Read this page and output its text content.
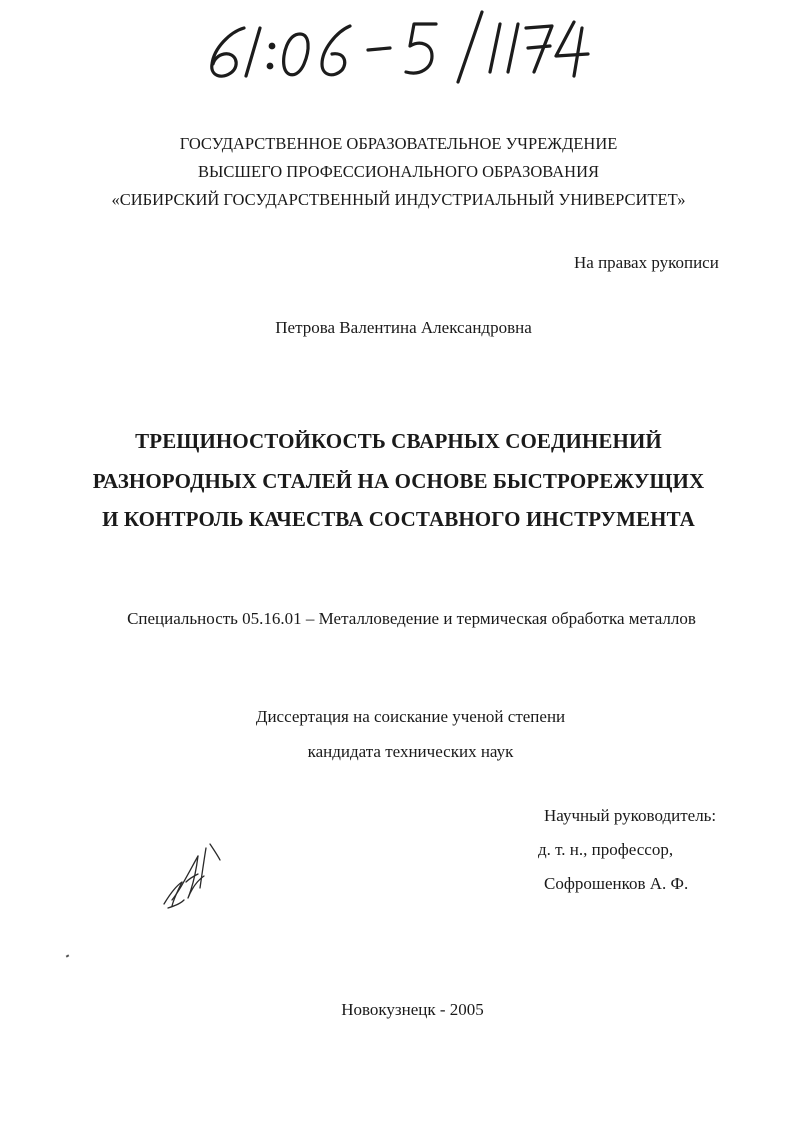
ГОСУДАРСТВЕННОЕ ОБРАЗОВАТЕЛЬНОЕ УЧРЕЖДЕНИЕ
ВЫСШЕГО ПРОФЕССИОНАЛЬНОГО ОБРАЗОВАНИЯ
«СИБИРСКИЙ ГОСУДАРСТВЕННЫЙ ИНДУСТРИАЛЬНЫЙ УНИВЕРСИТЕТ»
На правах рукописи
Петрова Валентина Александровна
ТРЕЩИНОСТОЙКОСТЬ СВАРНЫХ СОЕДИНЕНИЙ
РАЗНОРОДНЫХ СТАЛЕЙ НА ОСНОВЕ БЫСТРОРЕЖУЩИХ
И КОНТРОЛЬ КАЧЕСТВА СОСТАВНОГО ИНСТРУМЕНТА
Специальность 05.16.01 – Металловедение и термическая обработка металлов
Диссертация на соискание ученой степени
кандидата технических наук
Научный руководитель:
д. т. н., профессор,
Софрошенков А. Ф.
Новокузнецк - 2005
